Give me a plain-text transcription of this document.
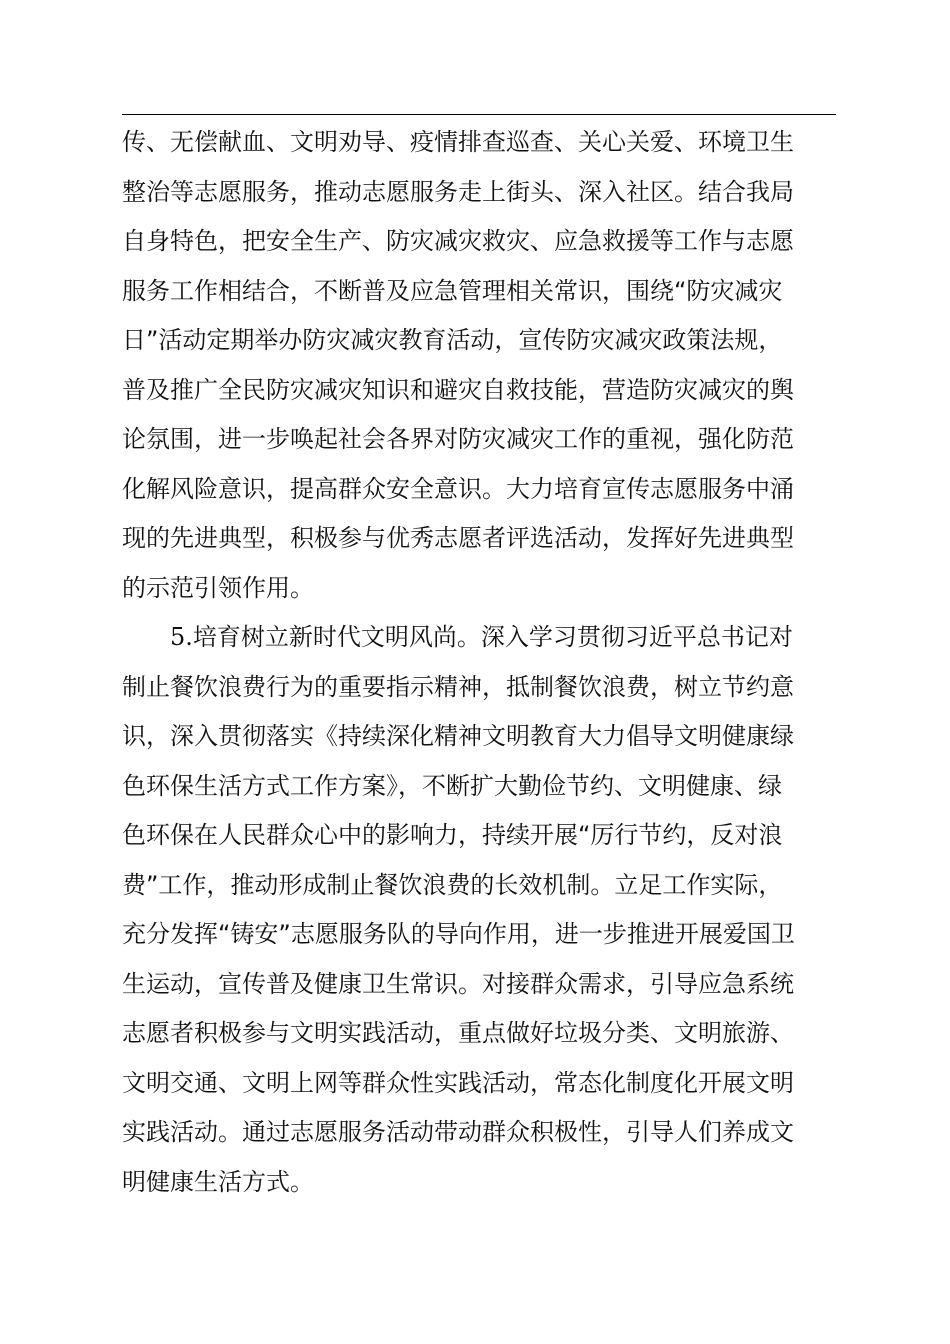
传、无偿献血、文明劝导、疫情排查巡查、关心关爱、环境卫生
整治等志愿服务，推动志愿服务走上街头、深入社区。结合我局
自身特色，把安全生产、防灾减灾救灾、应急救援等工作与志愿
服务工作相结合，不断普及应急管理相关常识，围绕“防灾减灾
日”活动定期举办防灾减灾教育活动，宣传防灾减灾政策法规，
普及推广全民防灾减灾知识和避灾自救技能，营造防灾减灾的舆
论氛围，进一步唤起社会各界对防灾减灾工作的重视，强化防范
化解风险意识，提高群众安全意识。大力培育宣传志愿服务中涌
现的先进典型，积极参与优秀志愿者评选活动，发挥好先进典型
的示范引领作用。
5.培育树立新时代文明风尚。深入学习贯彻习近平总书记对
制止餐饮浪费行为的重要指示精神，抵制餐饮浪费，树立节约意
识，深入贯彻落实《持续深化精神文明教育大力倡导文明健康绿
色环保生活方式工作方案》，不断扩大勤俭节约、文明健康、绿
色环保在人民群众心中的影响力，持续开展“厉行节约，反对浪
费”工作，推动形成制止餐饮浪费的长效机制。立足工作实际，
充分发挥“铸安”志愿服务队的导向作用，进一步推进开展爱国卫
生运动，宣传普及健康卫生常识。对接群众需求，引导应急系统
志愿者积极参与文明实践活动，重点做好垃圾分类、文明旅游、
文明交通、文明上网等群众性实践活动，常态化制度化开展文明
实践活动。通过志愿服务活动带动群众积极性，引导人们养成文
明健康生活方式。
